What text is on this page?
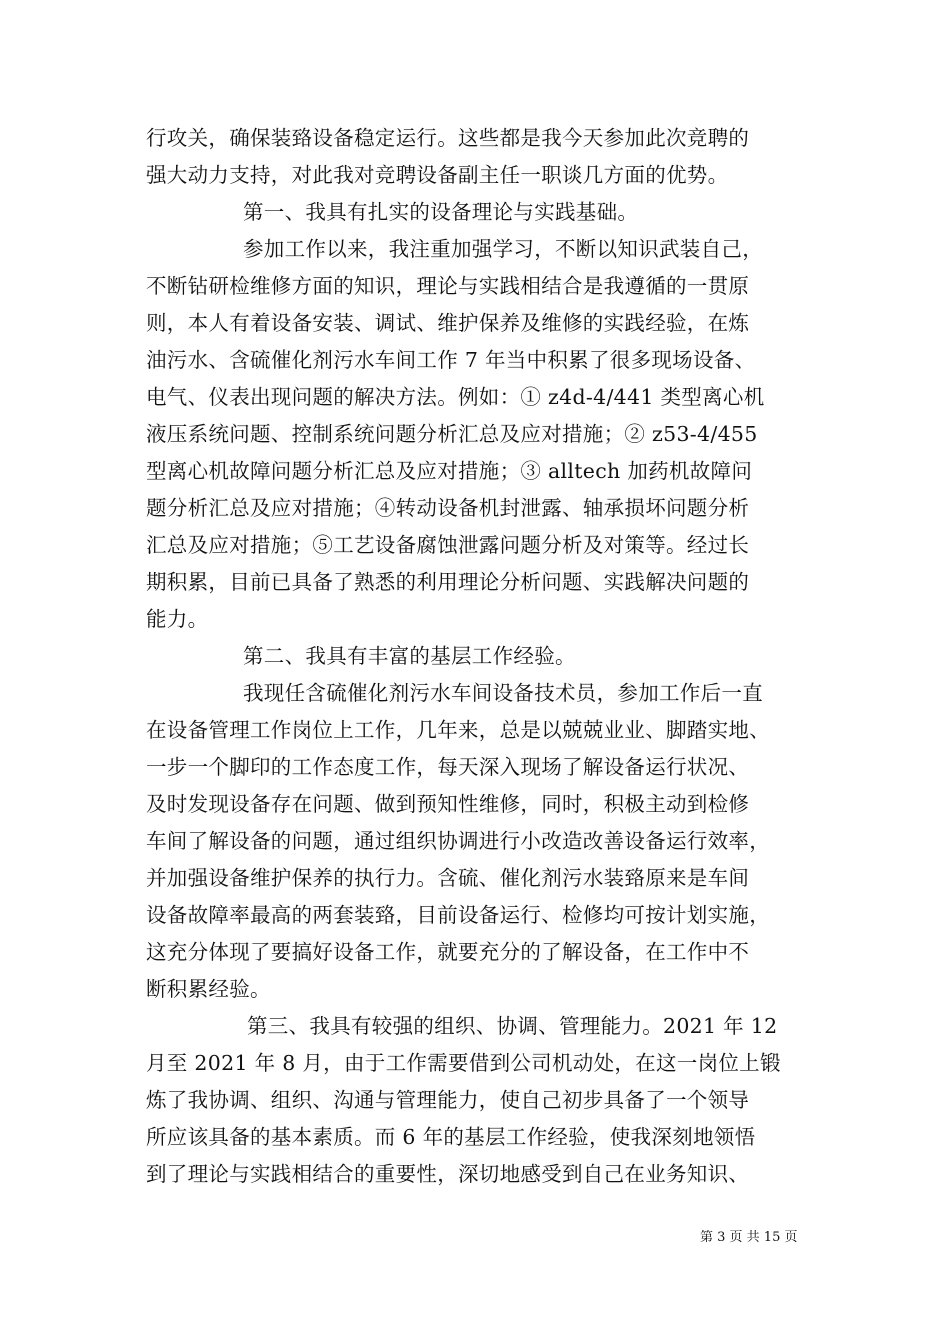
行攻关，确保装臵设备稳定运行。这些都是我今天参加此次竞聘的
强大动力支持，对此我对竞聘设备副主任一职谈几方面的优势。
第一、我具有扎实的设备理论与实践基础。
参加工作以来，我注重加强学习，不断以知识武装自己，
不断钻研检维修方面的知识，理论与实践相结合是我遵循的一贯原
则，本人有着设备安装、调试、维护保养及维修的实践经验，在炼
油污水、含硫催化剂污水车间工作 7 年当中积累了很多现场设备、
电气、仪表出现问题的解决方法。例如：① z4d-4/441 类型离心机
液压系统问题、控制系统问题分析汇总及应对措施；② z53-4/455
型离心机故障问题分析汇总及应对措施；③ alltech 加药机故障问
题分析汇总及应对措施；④转动设备机封泄露、轴承损坏问题分析
汇总及应对措施；⑤工艺设备腐蚀泄露问题分析及对策等。经过长
期积累，目前已具备了熟悉的利用理论分析问题、实践解决问题的
能力。
第二、我具有丰富的基层工作经验。
我现任含硫催化剂污水车间设备技术员，参加工作后一直
在设备管理工作岗位上工作，几年来，总是以兢兢业业、脚踏实地、
一步一个脚印的工作态度工作，每天深入现场了解设备运行状况、
及时发现设备存在问题、做到预知性维修，同时，积极主动到检修
车间了解设备的问题，通过组织协调进行小改造改善设备运行效率，
并加强设备维护保养的执行力。含硫、催化剂污水装臵原来是车间
设备故障率最高的两套装臵，目前设备运行、检修均可按计划实施，
这充分体现了要搞好设备工作，就要充分的了解设备，在工作中不
断积累经验。
第三、我具有较强的组织、协调、管理能力。2021 年 12
月至 2021 年 8 月，由于工作需要借到公司机动处，在这一岗位上锻
炼了我协调、组织、沟通与管理能力，使自己初步具备了一个领导
所应该具备的基本素质。而 6 年的基层工作经验，使我深刻地领悟
到了理论与实践相结合的重要性，深切地感受到自己在业务知识、
第 3 页 共 15 页
